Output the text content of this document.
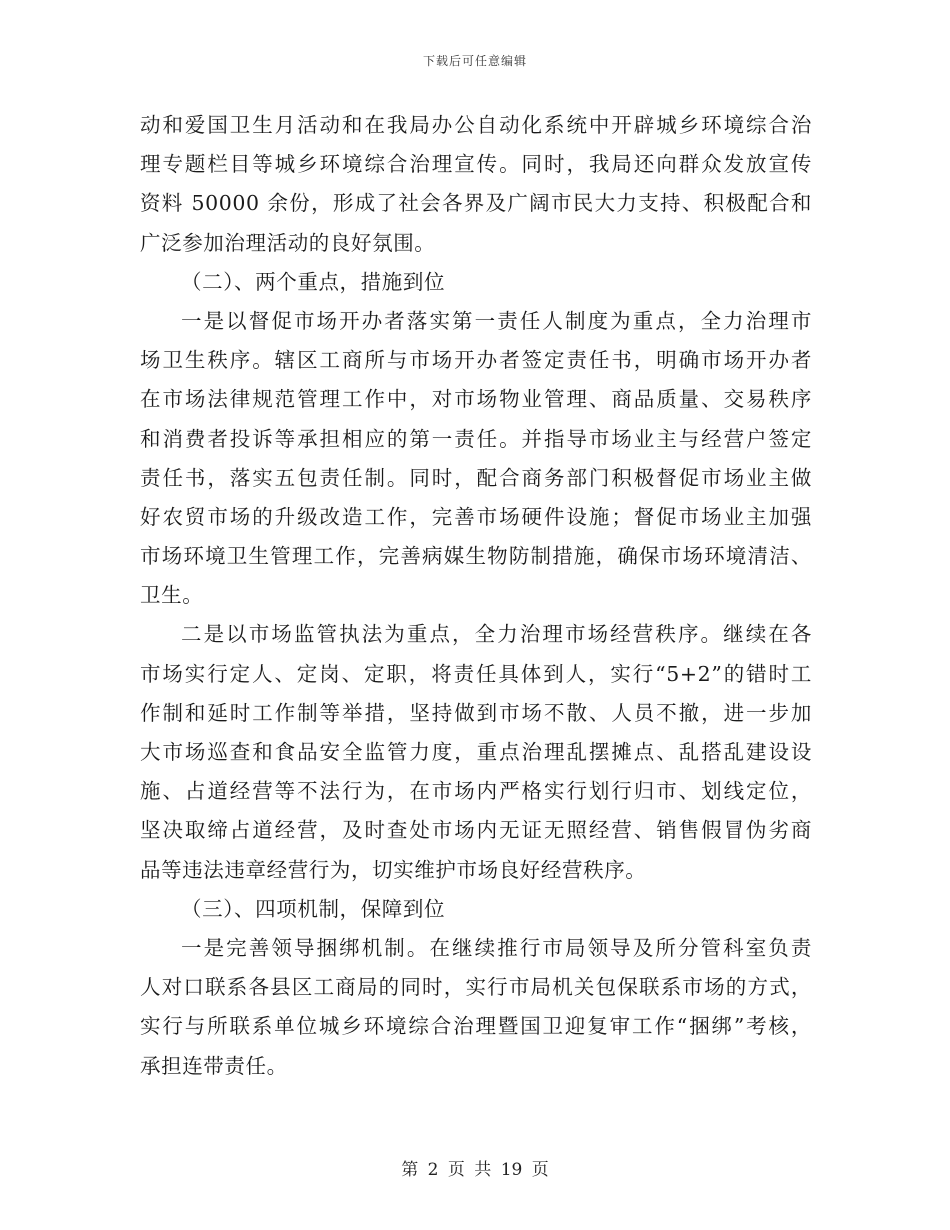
下载后可任意编辑
动和爱国卫生月活动和在我局办公自动化系统中开辟城乡环境综合治
理专题栏目等城乡环境综合治理宣传。同时，我局还向群众发放宣传
资料 50000 余份，形成了社会各界及广阔市民大力支持、积极配合和
广泛参加治理活动的良好氛围。
（二）、两个重点，措施到位
一是以督促市场开办者落实第一责任人制度为重点，全力治理市
场卫生秩序。辖区工商所与市场开办者签定责任书，明确市场开办者
在市场法律规范管理工作中，对市场物业管理、商品质量、交易秩序
和消费者投诉等承担相应的第一责任。并指导市场业主与经营户签定
责任书，落实五包责任制。同时，配合商务部门积极督促市场业主做
好农贸市场的升级改造工作，完善市场硬件设施；督促市场业主加强
市场环境卫生管理工作，完善病媒生物防制措施，确保市场环境清洁、
卫生。
二是以市场监管执法为重点，全力治理市场经营秩序。继续在各
市场实行定人、定岗、定职，将责任具体到人，实行“5+2”的错时工
作制和延时工作制等举措，坚持做到市场不散、人员不撤，进一步加
大市场巡查和食品安全监管力度，重点治理乱摆摊点、乱搭乱建设设
施、占道经营等不法行为，在市场内严格实行划行归市、划线定位，
坚决取缔占道经营，及时查处市场内无证无照经营、销售假冒伪劣商
品等违法违章经营行为，切实维护市场良好经营秩序。
（三）、四项机制，保障到位
一是完善领导捆绑机制。在继续推行市局领导及所分管科室负责
人对口联系各县区工商局的同时，实行市局机关包保联系市场的方式，
实行与所联系单位城乡环境综合治理暨国卫迎复审工作“捆绑”考核，
承担连带责任。
第 2 页 共 19 页
